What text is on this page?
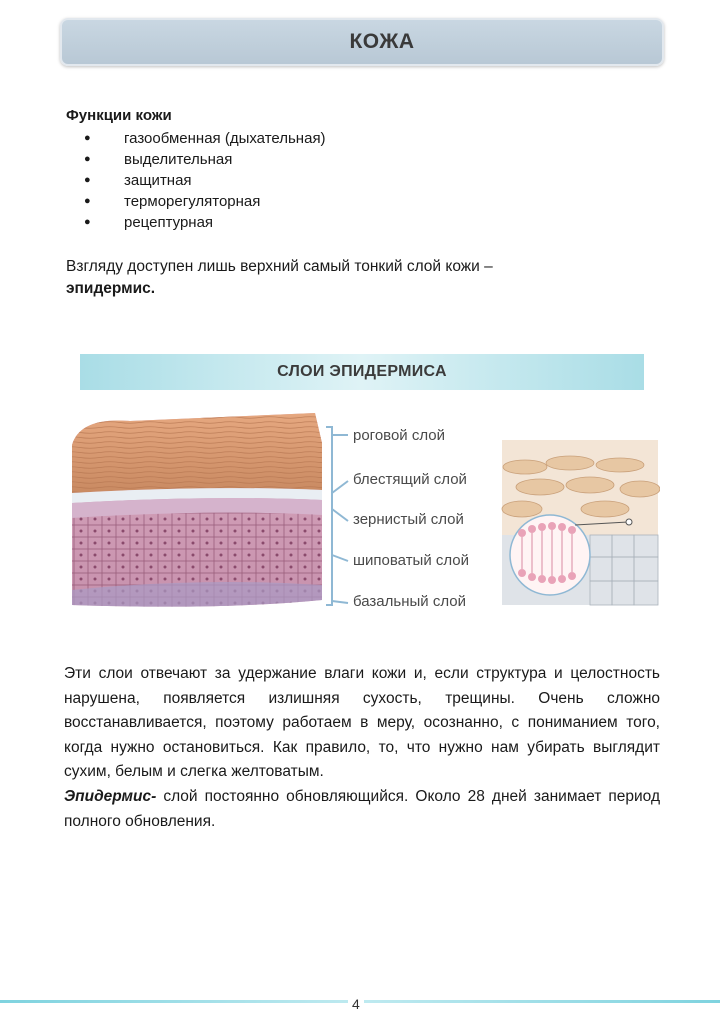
КОЖА
Функции кожи
●	газообменная (дыхательная)
●	выделительная
●	защитная
●	терморегуляторная
●	рецептурная
Взгляду доступен лишь верхний самый тонкий слой кожи –
эпидермис.
СЛОИ ЭПИДЕРМИСА
роговой слой
блестящий слой
зернистый слой
шиповатый слой
базальный слой

Эти слои отвечают за удержание влаги кожи и, если структура и целостность нарушена, появляется излишняя сухость, трещины. Очень сложно восстанавливается, поэтому работаем в меру, осознанно, с пониманием того, когда нужно остановиться. Как правило, то, что нужно нам убирать выглядит сухим, белым и слегка желтоватым.

Эпидермис- слой постоянно обновляющийся. Около 28 дней занимает период полного обновления.

4
